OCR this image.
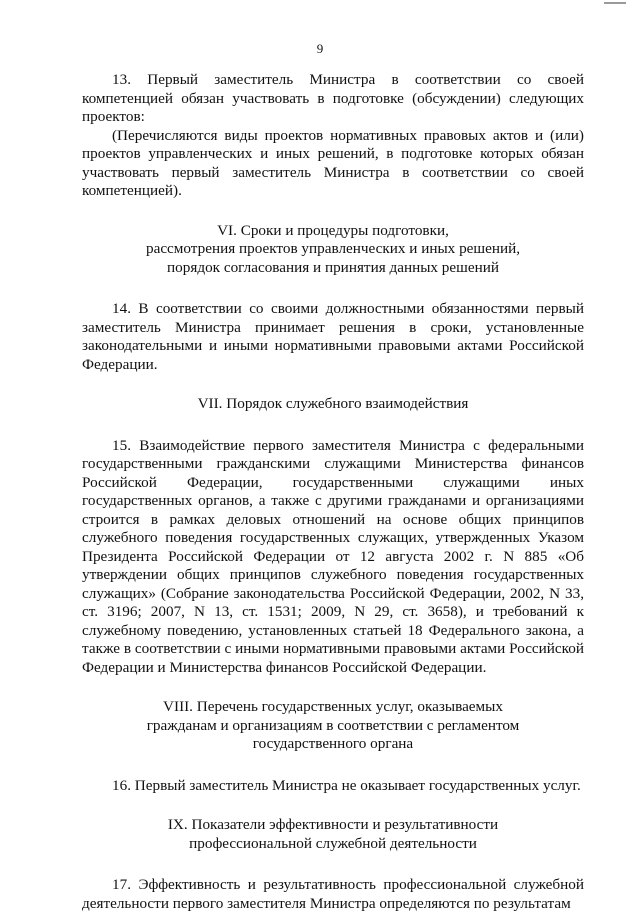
9

13. Первый заместитель Министра в соответствии со своей компетенцией обязан участвовать в подготовке (обсуждении) следующих проектов:

(Перечисляются виды проектов нормативных правовых актов и (или) проектов управленческих и иных решений, в подготовке которых обязан участвовать первый заместитель Министра в соответствии со своей компетенцией).

VI. Сроки и процедуры подготовки,
рассмотрения проектов управленческих и иных решений,
порядок согласования и принятия данных решений

14. В соответствии со своими должностными обязанностями первый заместитель Министра принимает решения в сроки, установленные законодательными и иными нормативными правовыми актами Российской Федерации.

VII. Порядок служебного взаимодействия

15. Взаимодействие первого заместителя Министра с федеральными государственными гражданскими служащими Министерства финансов Российской Федерации, государственными служащими иных государственных органов, а также с другими гражданами и организациями строится в рамках деловых отношений на основе общих принципов служебного поведения государственных служащих, утвержденных Указом Президента Российской Федерации от 12 августа 2002 г. N 885 «Об утверждении общих принципов служебного поведения государственных служащих» (Собрание законодательства Российской Федерации, 2002, N 33, ст. 3196; 2007, N 13, ст. 1531; 2009, N 29, ст. 3658), и требований к служебному поведению, установленных статьей 18 Федерального закона, а также в соответствии с иными нормативными правовыми актами Российской Федерации и Министерства финансов Российской Федерации.

VIII. Перечень государственных услуг, оказываемых
гражданам и организациям в соответствии с регламентом
государственного органа

16. Первый заместитель Министра не оказывает государственных услуг.

IX. Показатели эффективности и результативности
профессиональной служебной деятельности

17. Эффективность и результативность профессиональной служебной деятельности первого заместителя Министра определяются по результатам
